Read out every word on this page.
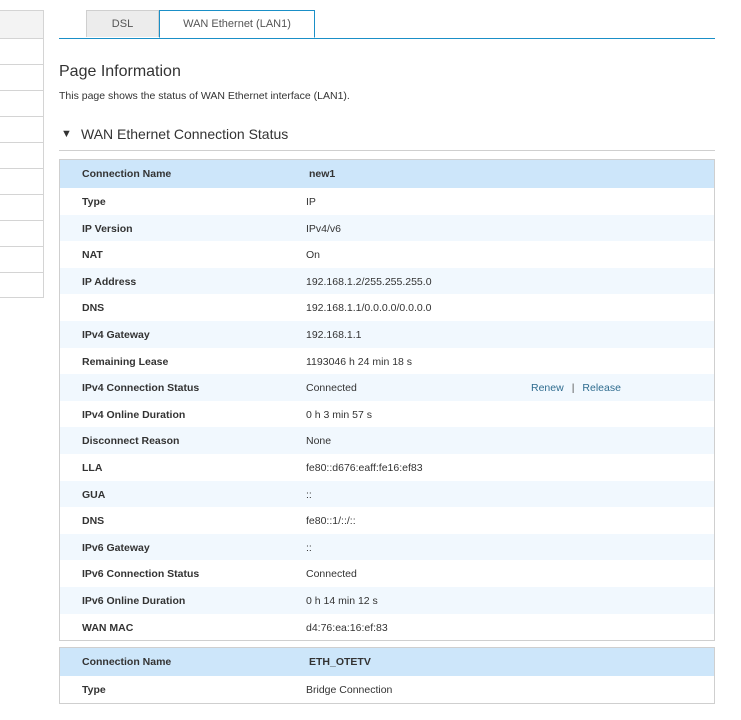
DSL	WAN Ethernet (LAN1)
Page Information
This page shows the status of WAN Ethernet interface (LAN1).
▼ WAN Ethernet Connection Status
Connection Name	new1
Type	IP
IP Version	IPv4/v6
NAT	On
IP Address	192.168.1.2/255.255.255.0
DNS	192.168.1.1/0.0.0.0/0.0.0.0
IPv4 Gateway	192.168.1.1
Remaining Lease	1193046 h 24 min 18 s
IPv4 Connection Status	Connected	Renew | Release
IPv4 Online Duration	0 h 3 min 57 s
Disconnect Reason	None
LLA	fe80::d676:eaff:fe16:ef83
GUA	::
DNS	fe80::1/::/::
IPv6 Gateway	::
IPv6 Connection Status	Connected
IPv6 Online Duration	0 h 14 min 12 s
WAN MAC	d4:76:ea:16:ef:83
Connection Name	ETH_OTETV
Type	Bridge Connection
